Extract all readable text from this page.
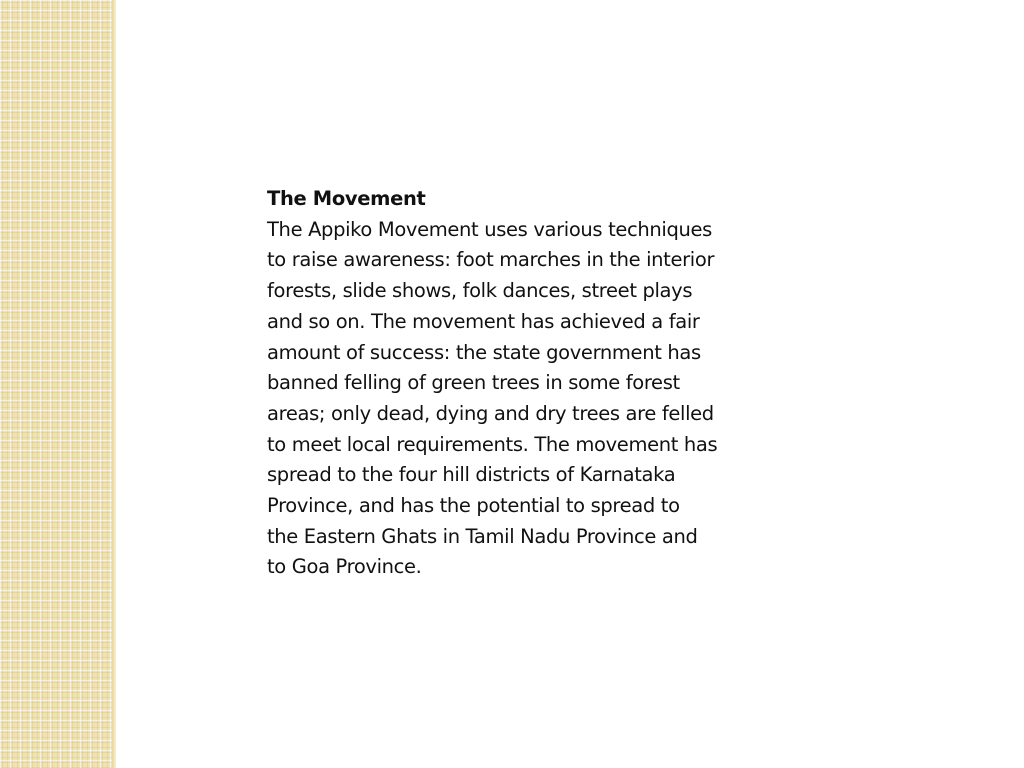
The Movement
The Appiko Movement uses various techniques
to raise awareness: foot marches in the interior
forests, slide shows, folk dances, street plays
and so on. The movement has achieved a fair
amount of success: the state government has
banned felling of green trees in some forest
areas; only dead, dying and dry trees are felled
to meet local requirements. The movement has
spread to the four hill districts of Karnataka
Province, and has the potential to spread to
the Eastern Ghats in Tamil Nadu Province and
to Goa Province.
